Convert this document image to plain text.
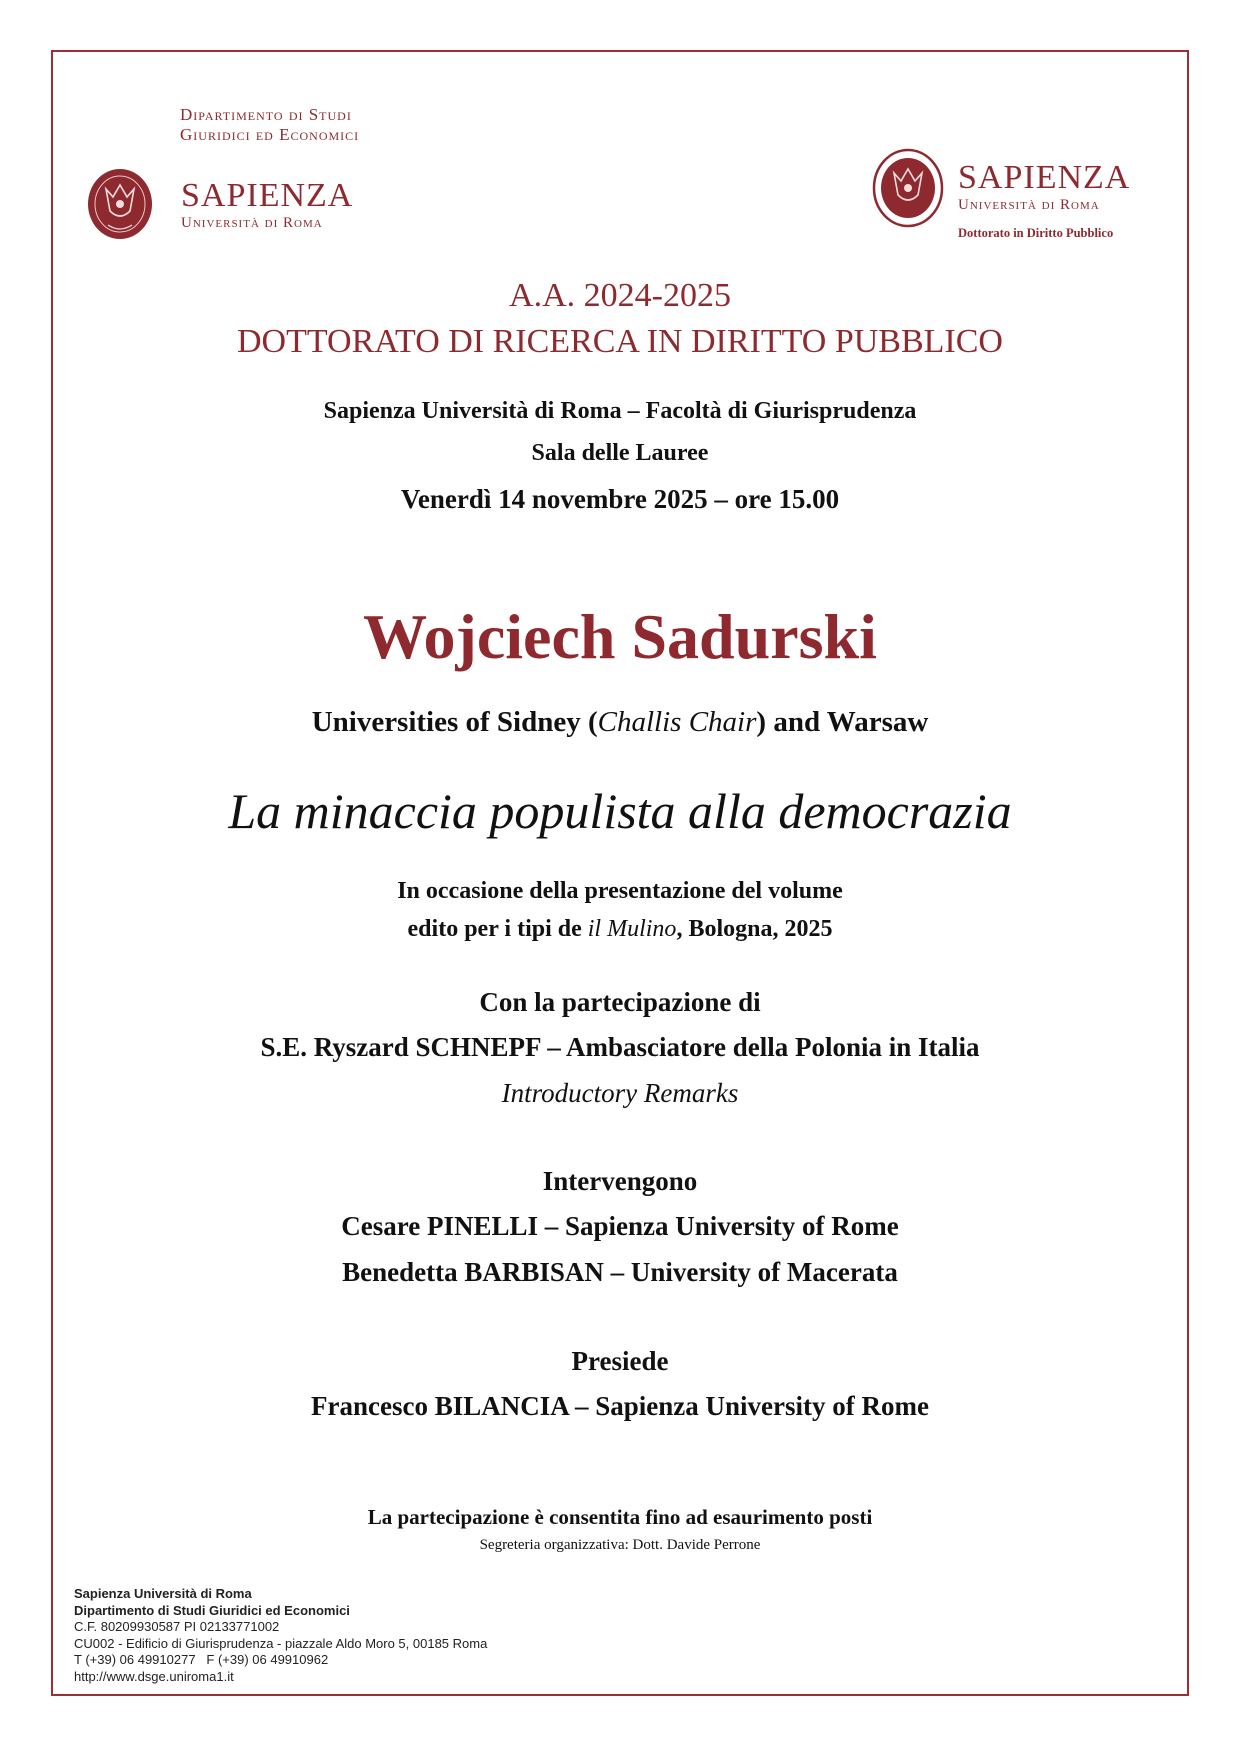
Dipartimento di Studi
Giuridici ed Economici
SAPIENZA
Università di Roma
SAPIENZA
Università di Roma
Dottorato in Diritto Pubblico
A.A. 2024-2025
DOTTORATO DI RICERCA IN DIRITTO PUBBLICO
Sapienza Università di Roma – Facoltà di Giurisprudenza
Sala delle Lauree
Venerdì 14 novembre 2025 – ore 15.00
Wojciech Sadurski
Universities of Sidney (Challis Chair) and Warsaw
La minaccia populista alla democrazia
In occasione della presentazione del volume
edito per i tipi de il Mulino, Bologna, 2025
Con la partecipazione di
S.E. Ryszard SCHNEPF – Ambasciatore della Polonia in Italia
Introductory Remarks
Intervengono
Cesare PINELLI – Sapienza University of Rome
Benedetta BARBISAN – University of Macerata
Presiede
Francesco BILANCIA – Sapienza University of Rome
La partecipazione è consentita fino ad esaurimento posti
Segreteria organizzativa: Dott. Davide Perrone
Sapienza Università di Roma
Dipartimento di Studi Giuridici ed Economici
C.F. 80209930587 PI 02133771002
CU002 - Edificio di Giurisprudenza - piazzale Aldo Moro 5, 00185 Roma
T (+39) 06 49910277   F (+39) 06 49910962
http://www.dsge.uniroma1.it
